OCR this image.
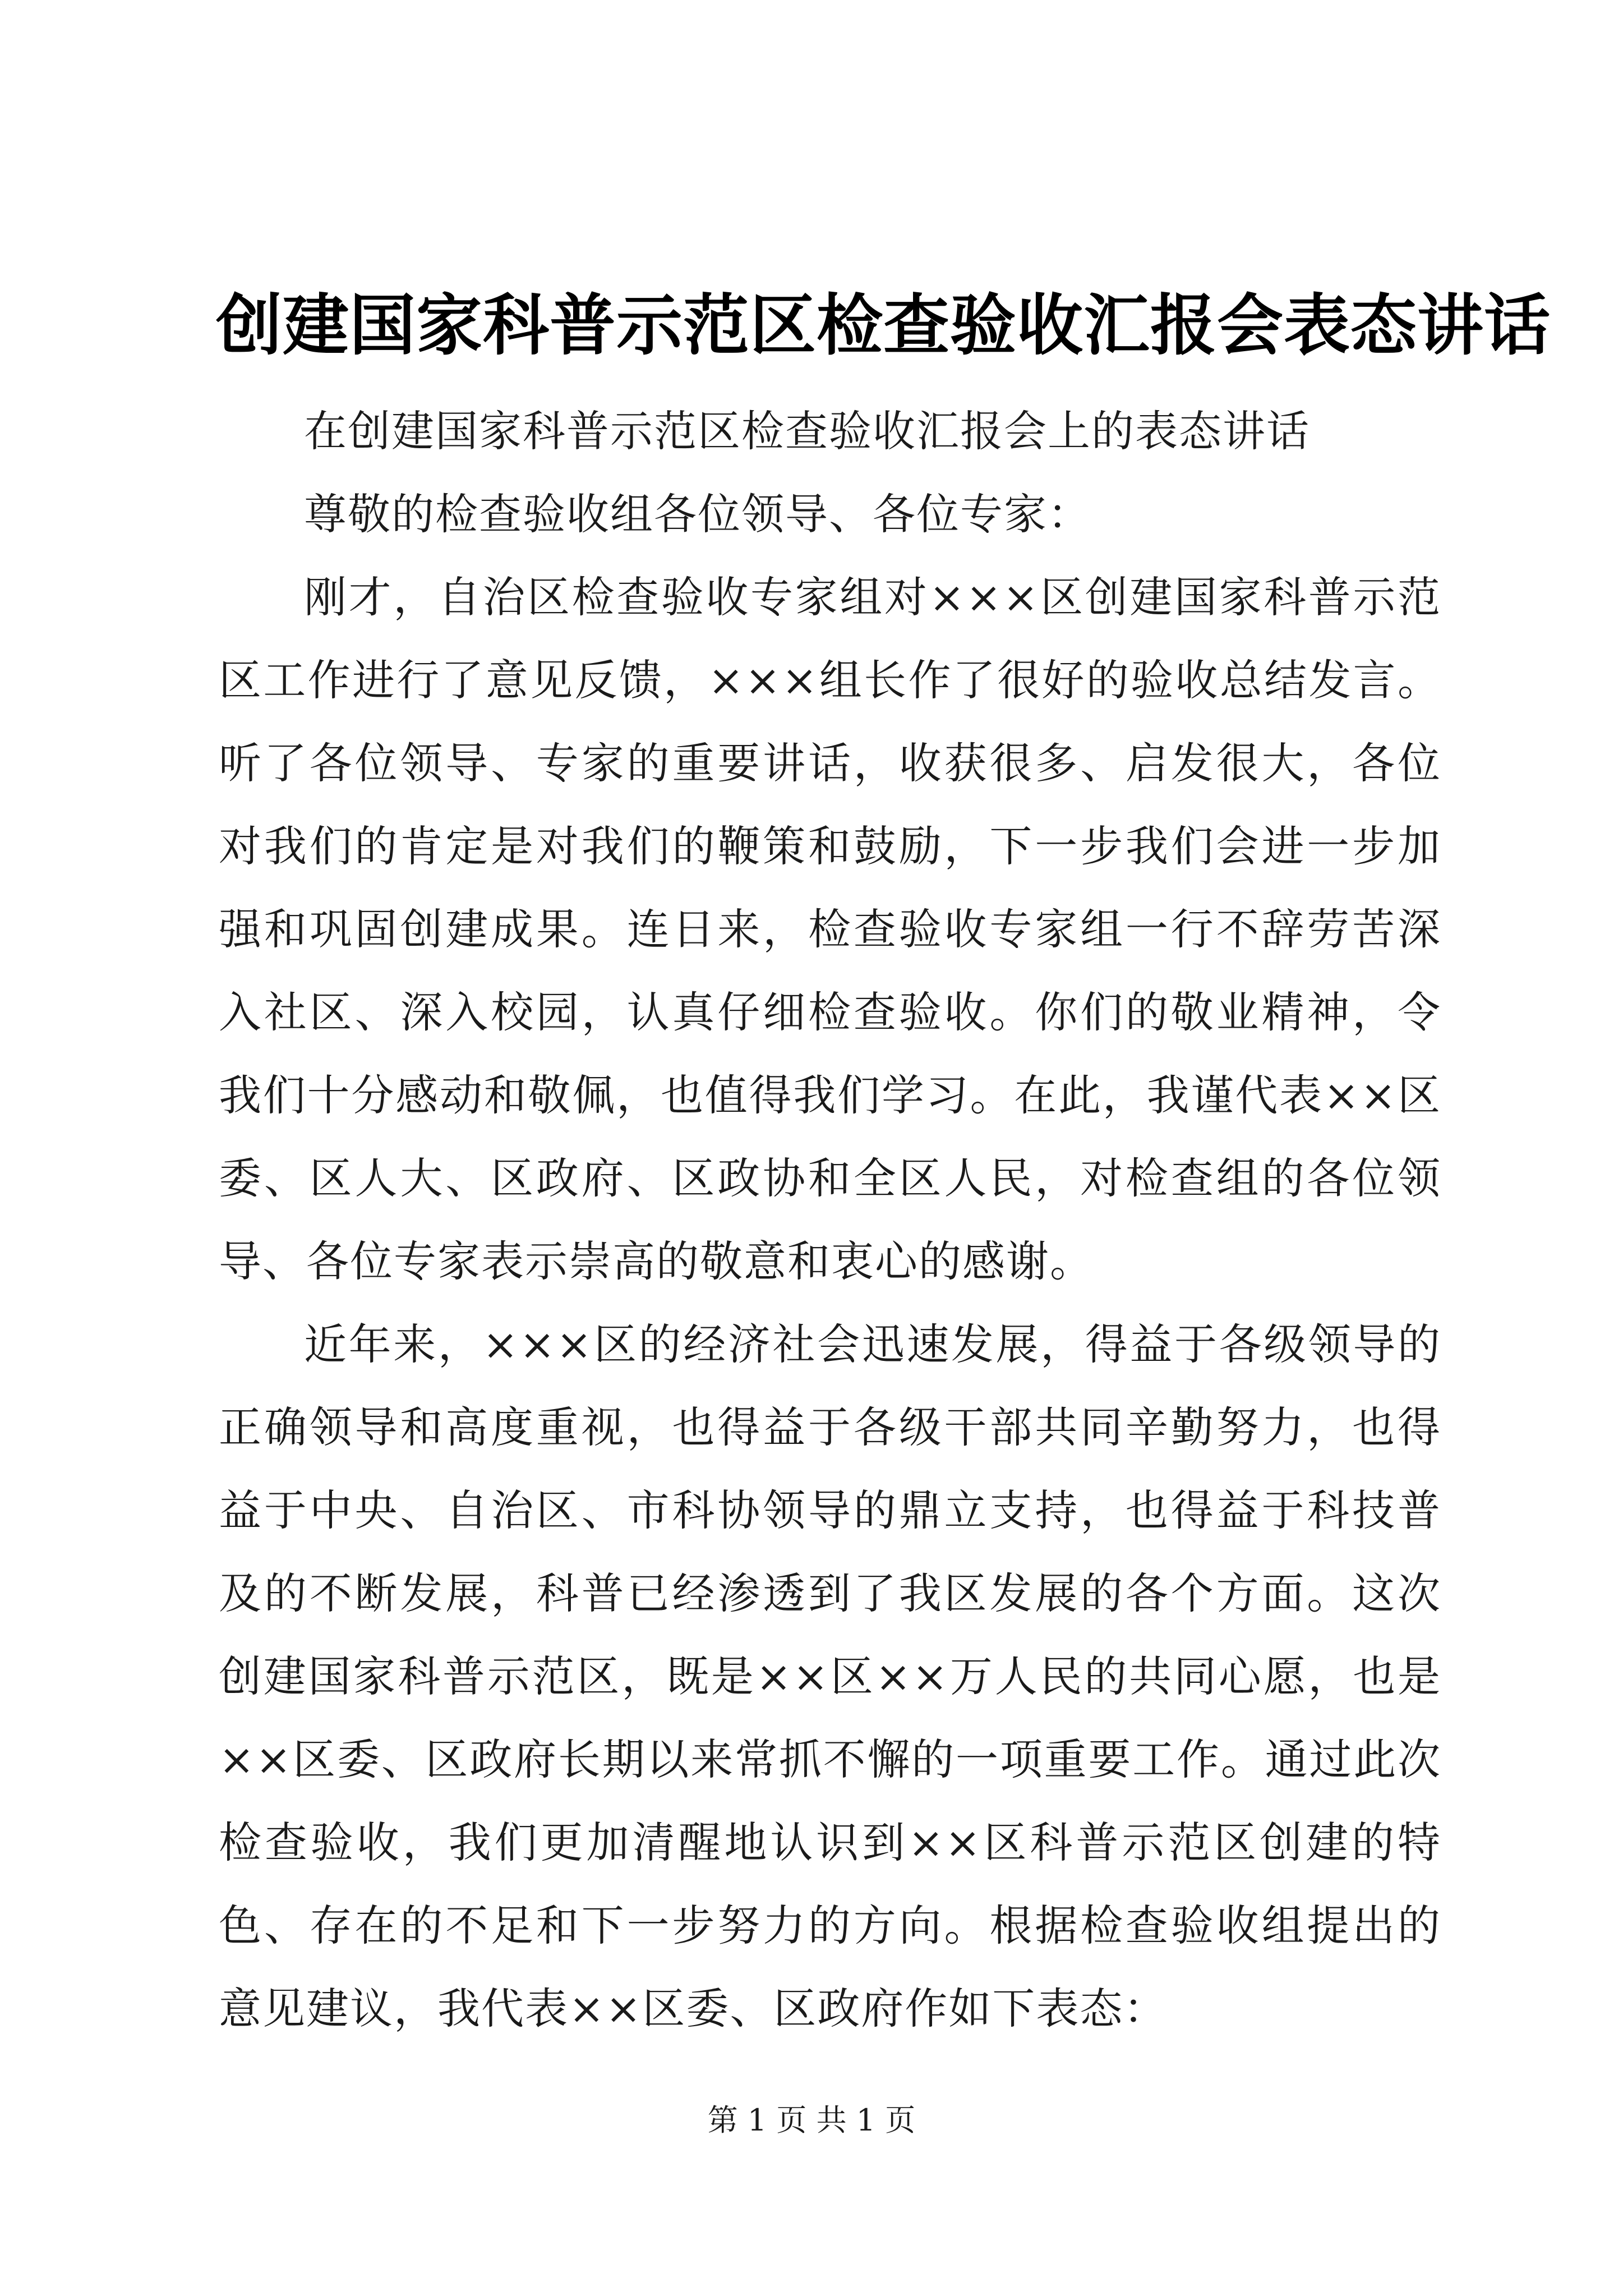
创建国家科普示范区检查验收汇报会表态讲话

在创建国家科普示范区检查验收汇报会上的表态讲话

尊敬的检查验收组各位领导、各位专家：

刚才，自治区检查验收专家组对×××区创建国家科普示范区工作进行了意见反馈，×××组长作了很好的验收总结发言。听了各位领导、专家的重要讲话，收获很多、启发很大，各位对我们的肯定是对我们的鞭策和鼓励，下一步我们会进一步加强和巩固创建成果。连日来，检查验收专家组一行不辞劳苦深入社区、深入校园，认真仔细检查验收。你们的敬业精神，令我们十分感动和敬佩，也值得我们学习。在此，我谨代表××区委、区人大、区政府、区政协和全区人民，对检查组的各位领导、各位专家表示崇高的敬意和衷心的感谢。

近年来，×××区的经济社会迅速发展，得益于各级领导的正确领导和高度重视，也得益于各级干部共同辛勤努力，也得益于中央、自治区、市科协领导的鼎立支持，也得益于科技普及的不断发展，科普已经渗透到了我区发展的各个方面。这次创建国家科普示范区，既是××区××万人民的共同心愿，也是××区委、区政府长期以来常抓不懈的一项重要工作。通过此次检查验收，我们更加清醒地认识到××区科普示范区创建的特色、存在的不足和下一步努力的方向。根据检查验收组提出的意见建议，我代表××区委、区政府作如下表态：

第 1 页 共 1 页
